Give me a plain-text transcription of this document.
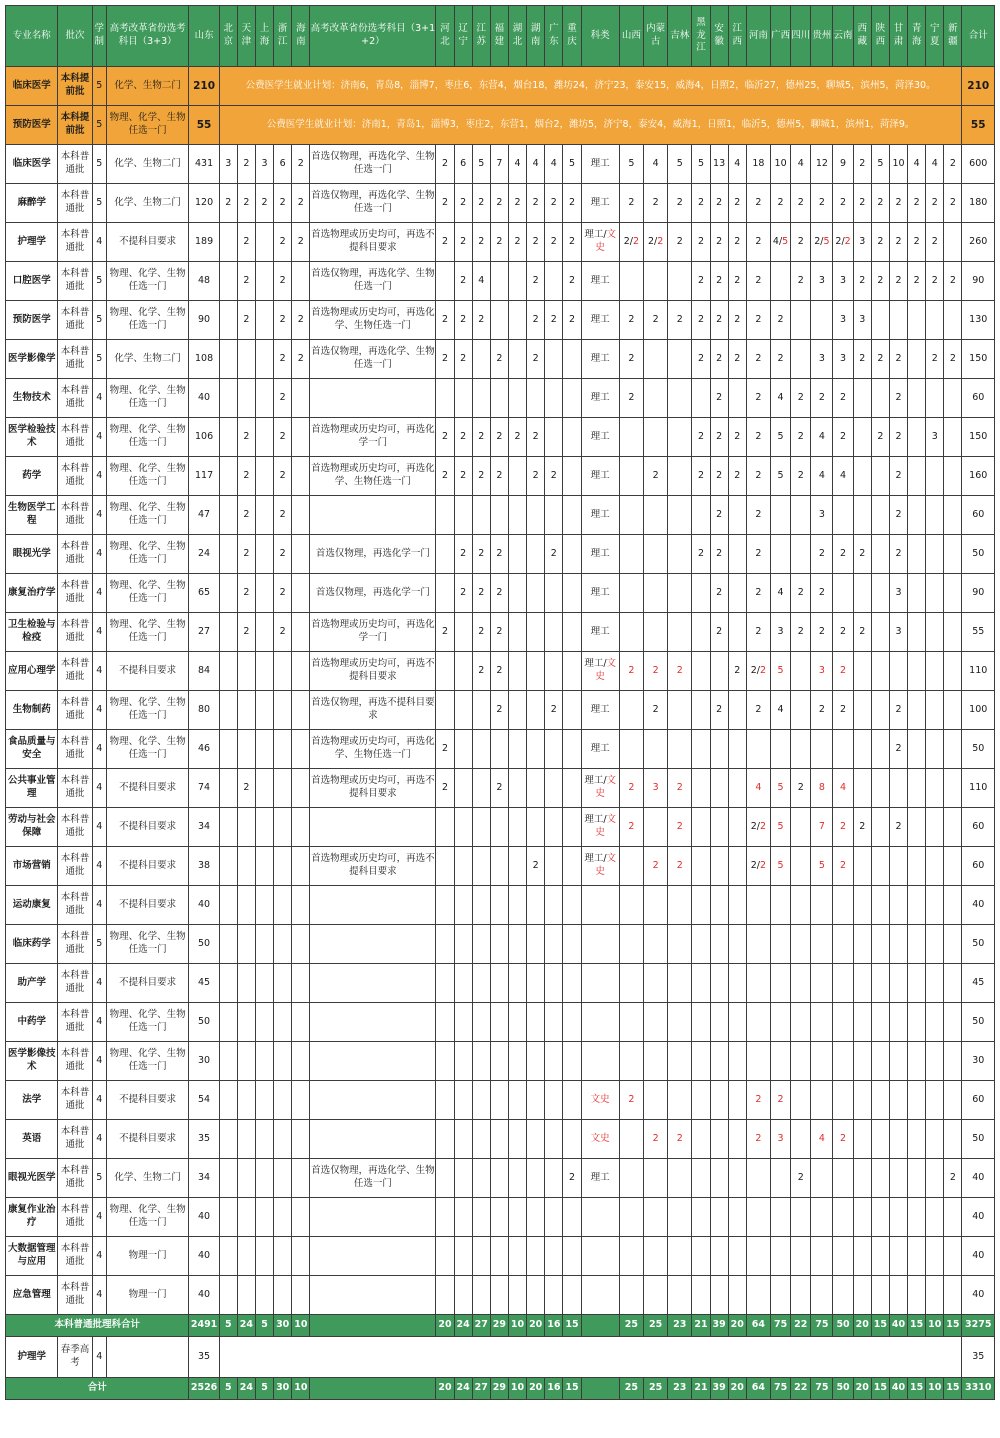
专业名称	批次	学制	高考改革省份选考科目（3+3）	山东	北京	天津	上海	浙江	海南	高考改革省份选考科目（3+1+2）	河北	辽宁	江苏	福建	湖北	湖南	广东	重庆	科类	山西	内蒙古	吉林	黑龙江	安徽	江西	河南	广西	四川	贵州	云南	西藏	陕西	甘肃	青海	宁夏	新疆	合计
临床医学	本科提前批	5	化学、生物二门	210	公费医学生就业计划：济南6，青岛8，淄博7，枣庄6，东营4，烟台18，潍坊24，济宁23，泰安15，威海4，日照2，临沂27，德州25，聊城5，滨州5，菏泽30。																																210
预防医学	本科提前批	5	物理、化学、生物任选一门	55	公费医学生就业计划：济南1，青岛1，淄博3，枣庄2，东营1，烟台2，潍坊5，济宁8，泰安4，威海1，日照1，临沂5，德州5，聊城1，滨州1，菏泽9。																																55
临床医学	本科普通批	5	化学、生物二门	431	3	2	3	6	2	首选仅物理，再选化学、生物任选一门	2	6	5	7	4	4	4	5	理工	5	4	5	5	13	4	18	10	4	12	9	2	5	10	4	4	2	600
麻醉学	本科普通批	5	化学、生物二门	120	2	2	2	2	2	首选仅物理，再选化学、生物任选一门	2	2	2	2	2	2	2	2	理工	2	2	2	2	2	2	2	2	2	2	2	2	2	2	2	2	2	180
护理学	本科普通批	4	不提科目要求	189		2		2	2	首选物理或历史均可，再选不提科目要求	2	2	2	2	2	2	2	2	理工/文史	2/2	2/2	2	2	2	2	2	4/5	2	2/5	2/2	3	2	2	2	2		260
口腔医学	本科普通批	5	物理、化学、生物任选一门	48		2		2		首选仅物理，再选化学、生物任选一门		2	4			2		2	理工				2	2	2	2		2	3	3	2	2	2	2	2	2	90
预防医学	本科普通批	5	物理、化学、生物任选一门	90		2		2	2	首选物理或历史均可，再选化学、生物任选一门	2	2	2			2	2	2	理工	2	2	2	2	2	2	2	2			3	3						130
医学影像学	本科普通批	5	化学、生物二门	108				2	2	首选仅物理，再选化学、生物任选一门	2	2		2		2			理工	2			2	2	2	2	2		3	3	2	2	2		2	2	150
生物技术	本科普通批	4	物理、化学、生物任选一门	40				2											理工	2				2		2	4	2	2	2			2				60
医学检验技术	本科普通批	4	物理、化学、生物任选一门	106		2		2		首选物理或历史均可，再选化学一门	2	2	2	2	2	2			理工				2	2	2	2	5	2	4	2		2	2		3		150
药学	本科普通批	4	物理、化学、生物任选一门	117		2		2		首选物理或历史均可，再选化学、生物任选一门	2	2	2	2		2	2		理工		2		2	2	2	2	5	2	4	4			2				160
生物医学工程	本科普通批	4	物理、化学、生物任选一门	47		2		2											理工					2		2			3				2				60
眼视光学	本科普通批	4	物理、化学、生物任选一门	24		2		2		首选仅物理，再选化学一门		2	2	2			2		理工				2	2		2			2	2	2		2				50
康复治疗学	本科普通批	4	物理、化学、生物任选一门	65		2		2		首选仅物理，再选化学一门		2	2	2					理工					2		2	4	2	2				3				90
卫生检验与检疫	本科普通批	4	物理、化学、生物任选一门	27		2		2		首选物理或历史均可，再选化学一门	2		2	2					理工					2		2	3	2	2	2	2		3				55
应用心理学	本科普通批	4	不提科目要求	84						首选物理或历史均可，再选不提科目要求			2	2					理工/文史	2	2	2			2	2/2	5		3	2							110
生物制药	本科普通批	4	物理、化学、生物任选一门	80						首选仅物理，再选不提科目要求				2			2		理工		2			2		2	4		2	2			2				100
食品质量与安全	本科普通批	4	物理、化学、生物任选一门	46						首选物理或历史均可，再选化学、生物任选一门	2								理工														2				50
公共事业管理	本科普通批	4	不提科目要求	74		2				首选物理或历史均可，再选不提科目要求	2			2					理工/文史	2	3	2				4	5	2	8	4							110
劳动与社会保障	本科普通批	4	不提科目要求	34															理工/文史	2		2				2/2	5		7	2	2		2				60
市场营销	本科普通批	4	不提科目要求	38						首选物理或历史均可，再选不提科目要求						2			理工/文史		2	2				2/2	5		5	2							60
运动康复	本科普通批	4	不提科目要求	40																																	40
临床药学	本科普通批	5	物理、化学、生物任选一门	50																																	50
助产学	本科普通批	4	不提科目要求	45																																	45
中药学	本科普通批	4	物理、化学、生物任选一门	50																																	50
医学影像技术	本科普通批	4	物理、化学、生物任选一门	30																																	30
法学	本科普通批	4	不提科目要求	54															文史	2						2	2										60
英语	本科普通批	4	不提科目要求	35															文史		2	2				2	3		4	2							50
眼视光医学	本科普通批	5	化学、生物二门	34						首选仅物理，再选化学、生物任选一门								2	理工									2								2	40
康复作业治疗	本科普通批	4	物理、化学、生物任选一门	40																																	40
大数据管理与应用	本科普通批	4	物理一门	40																																	40
应急管理	本科普通批	4	物理一门	40																																	40
本科普通批理科合计				2491	5	24	5	30	10		20	24	27	29	10	20	16	15		25	25	23	21	39	20	64	75	22	75	50	20	15	40	15	10	15	3275
护理学	春季高考	4		35																																	35
合计				2526	5	24	5	30	10		20	24	27	29	10	20	16	15		25	25	23	21	39	20	64	75	22	75	50	20	15	40	15	10	15	3310
